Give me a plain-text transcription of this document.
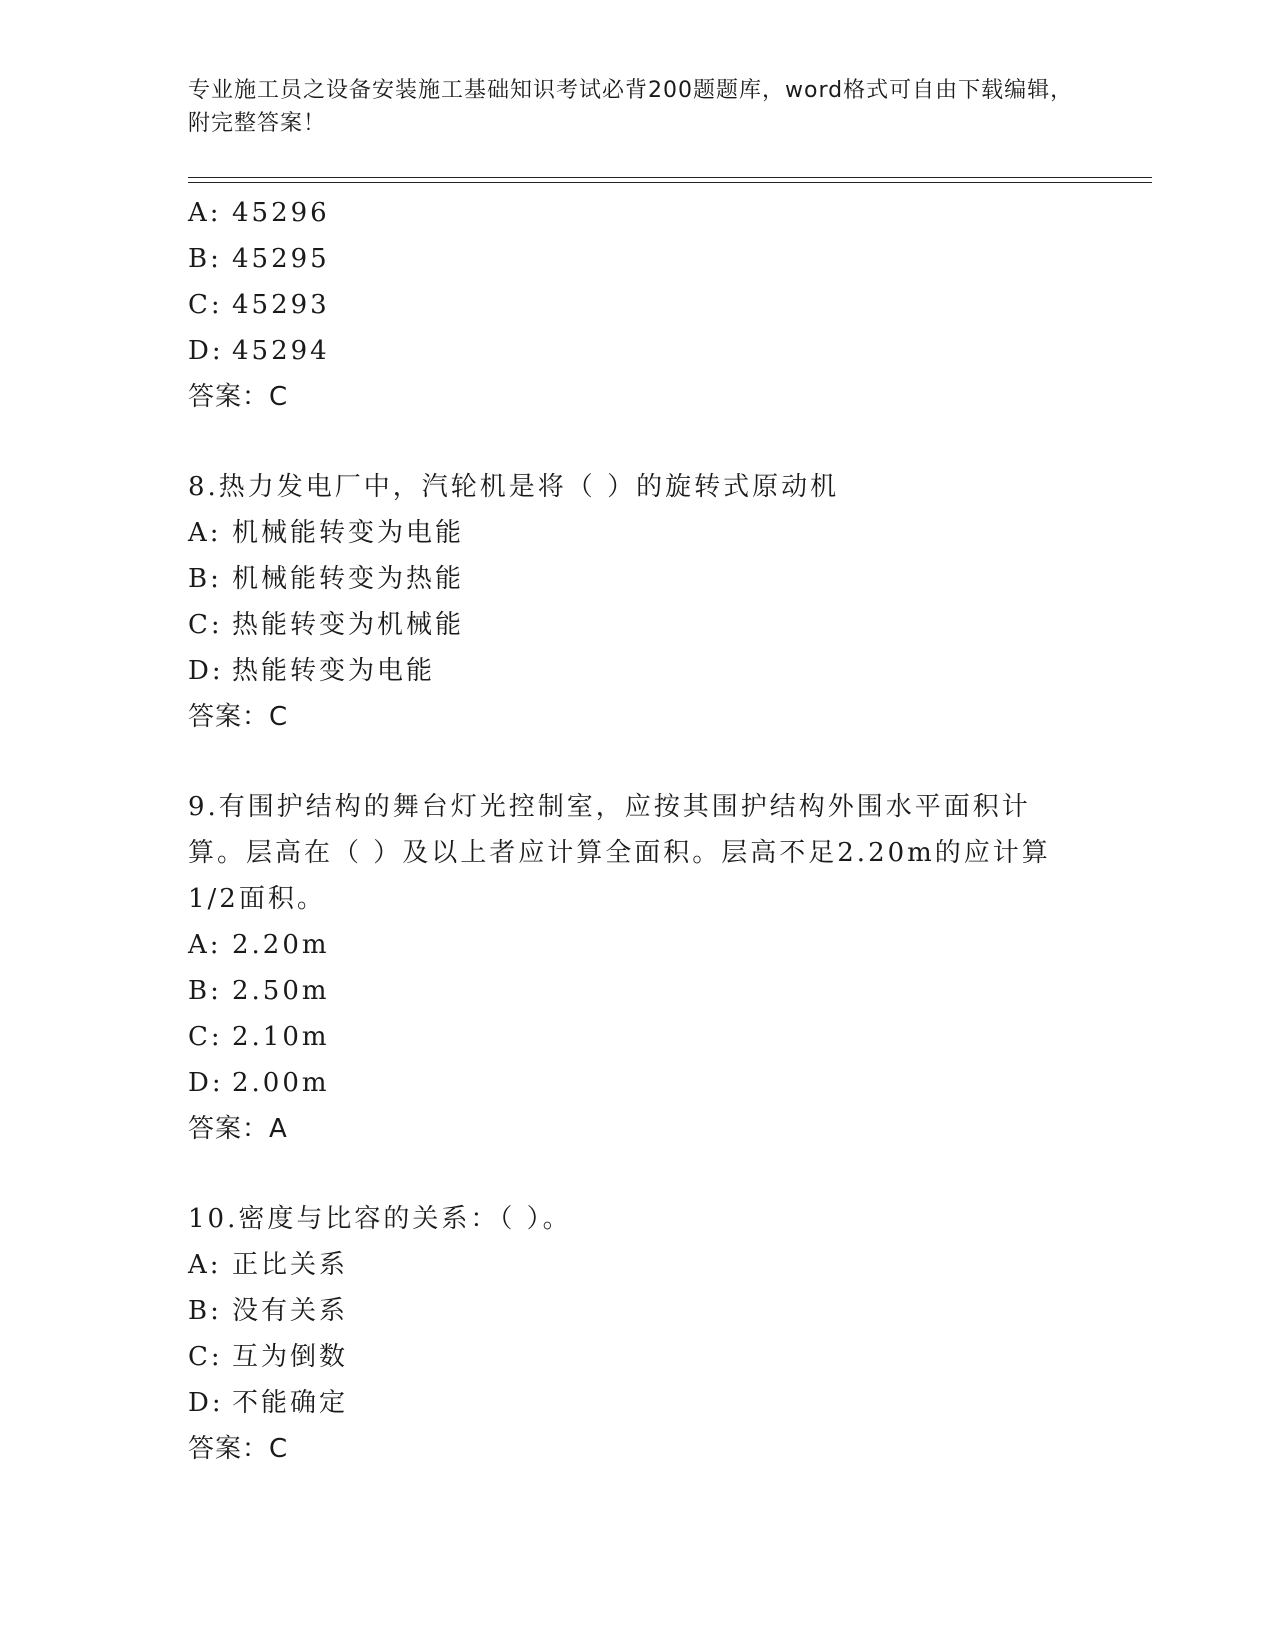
专业施工员之设备安装施工基础知识考试必背200题题库，word格式可自由下载编辑，附完整答案！
A: 45296
B: 45295
C: 45293
D: 45294
答案：C
8.热力发电厂中，汽轮机是将（ ）的旋转式原动机
A: 机械能转变为电能
B: 机械能转变为热能
C: 热能转变为机械能
D: 热能转变为电能
答案：C
9.有围护结构的舞台灯光控制室，应按其围护结构外围水平面积计算。层高在（ ）及以上者应计算全面积。层高不足2.20m的应计算1/2面积。
A: 2.20m
B: 2.50m
C: 2.10m
D: 2.00m
答案：A
10.密度与比容的关系：（ ）。
A: 正比关系
B: 没有关系
C: 互为倒数
D: 不能确定
答案：C
